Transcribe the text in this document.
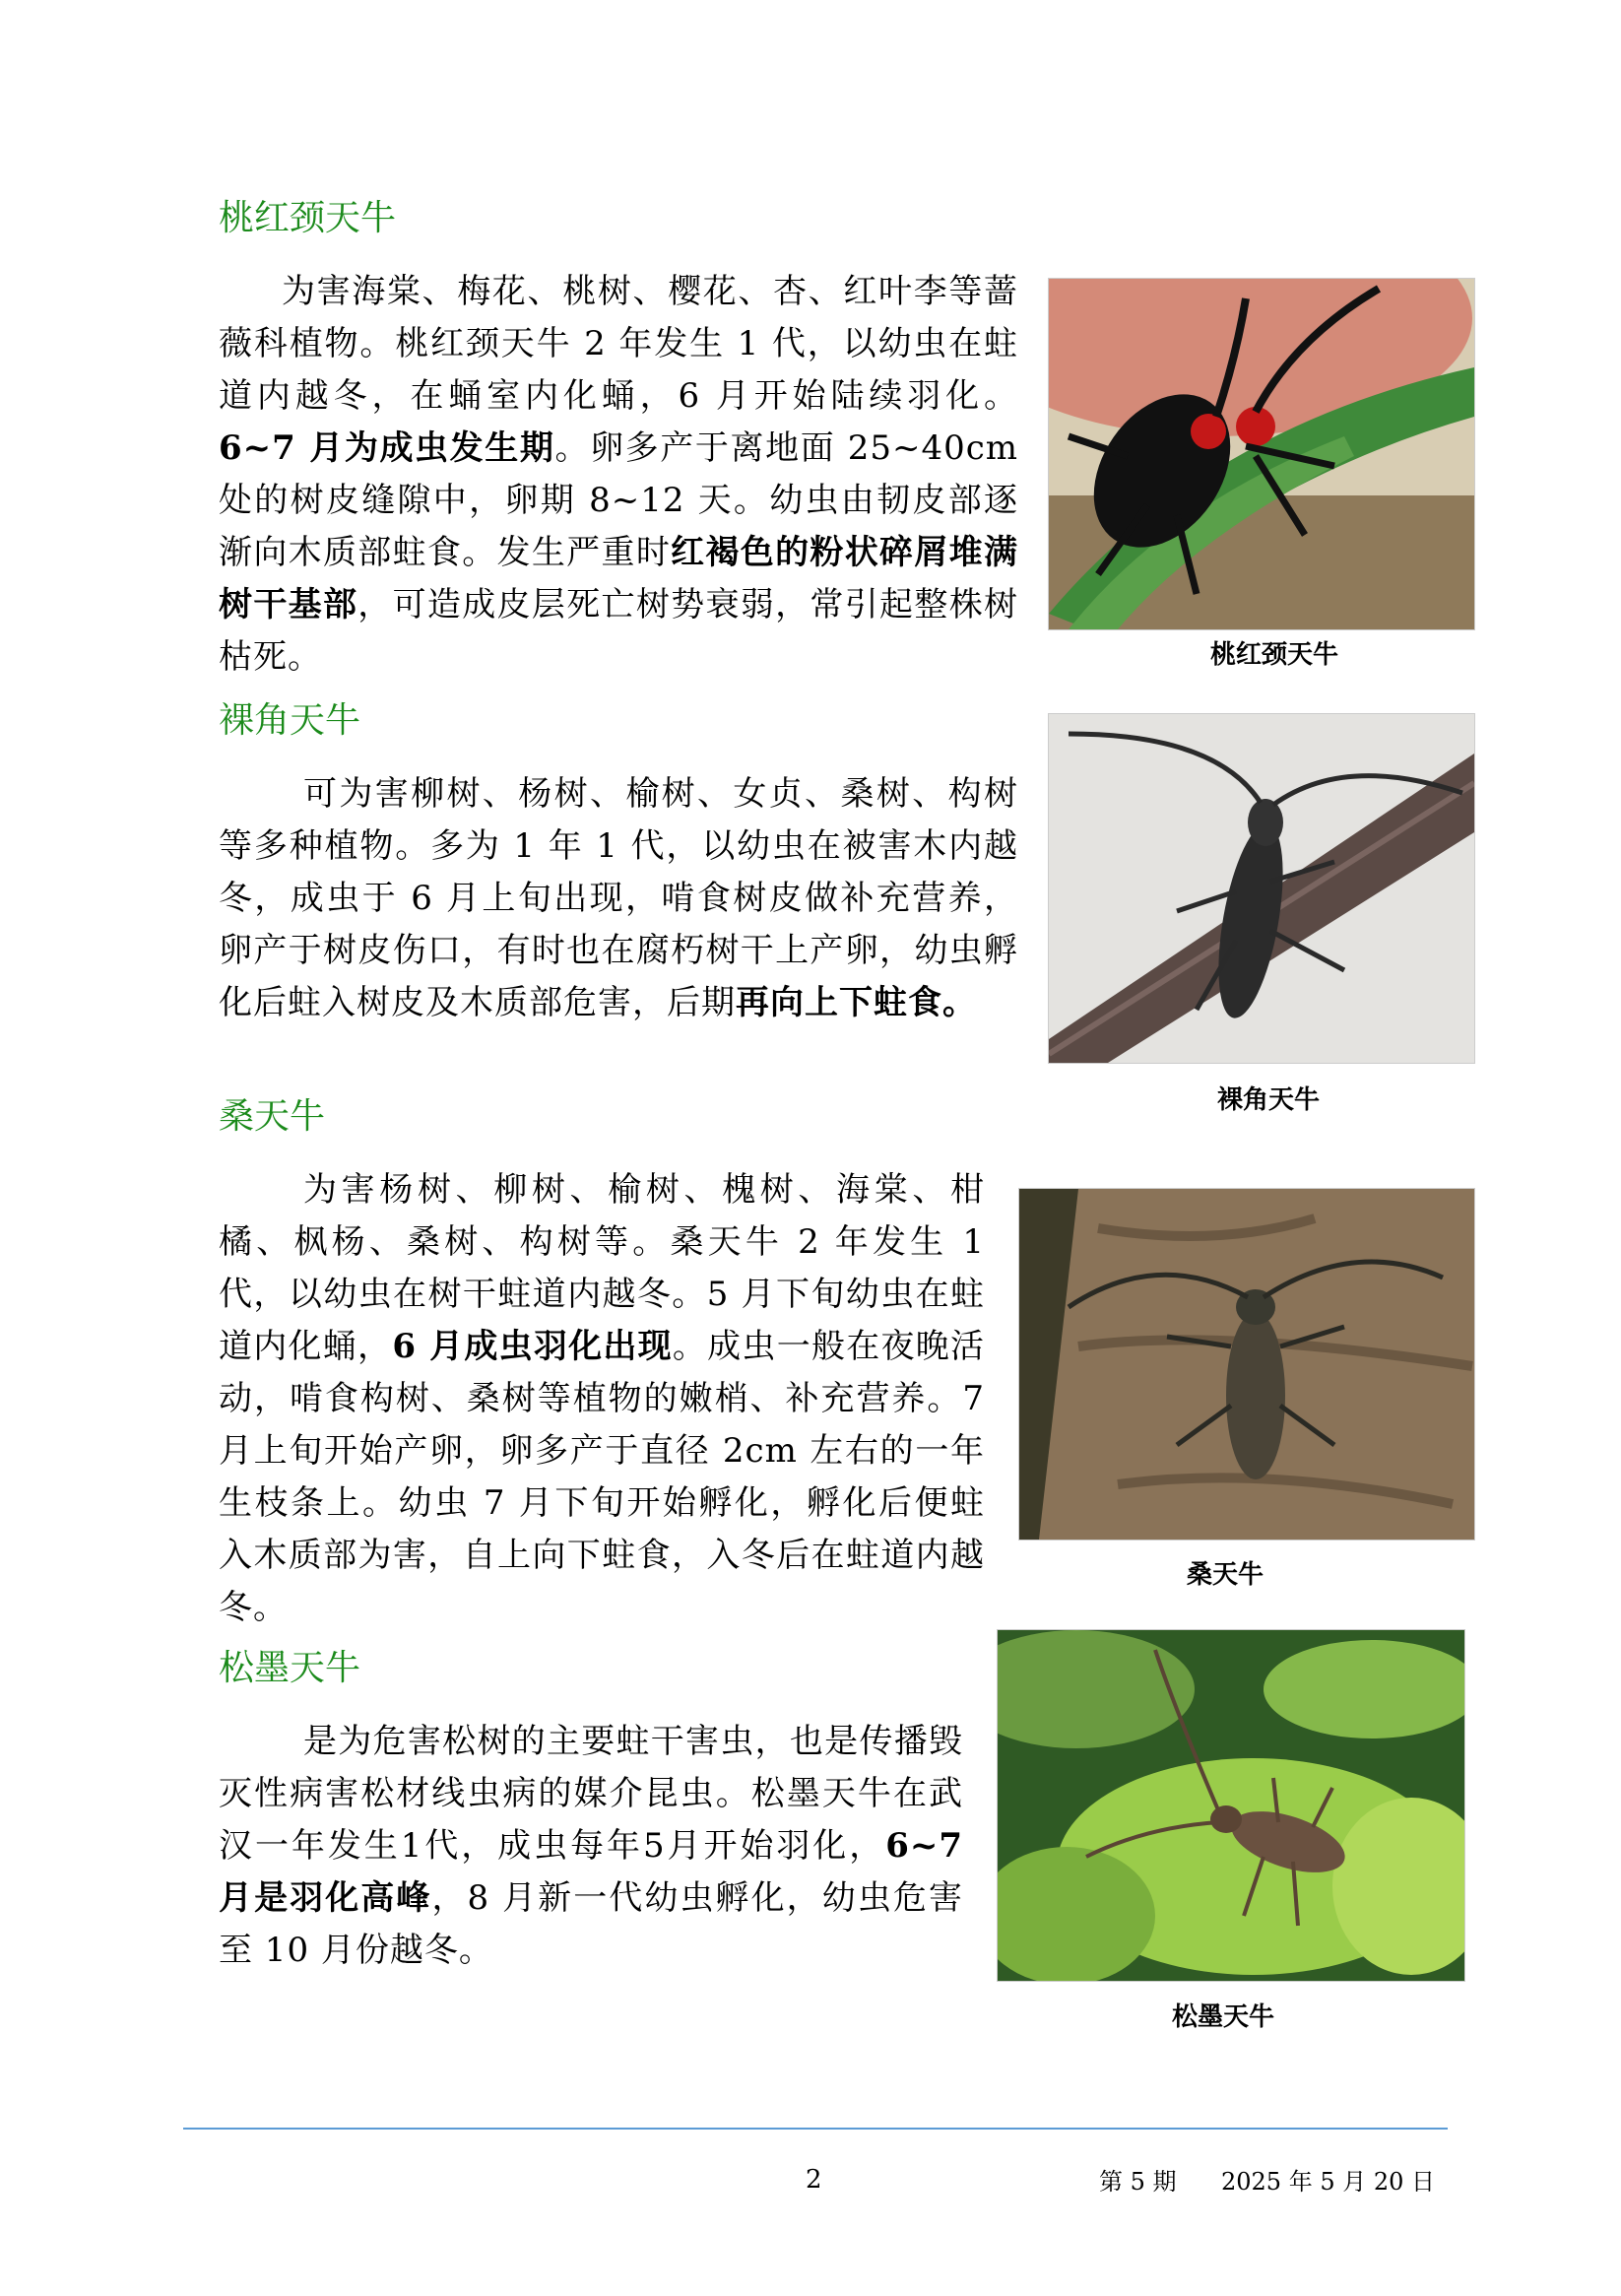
桃红颈天牛

为害海棠、梅花、桃树、樱花、杏、红叶李等蔷薇科植物。桃红颈天牛 2 年发生 1 代，以幼虫在蛀道内越冬，在蛹室内化蛹，6 月开始陆续羽化。6~7 月为成虫发生期。卵多产于离地面 25~40cm 处的树皮缝隙中，卵期 8~12 天。幼虫由韧皮部逐渐向木质部蛀食。发生严重时红褐色的粉状碎屑堆满树干基部，可造成皮层死亡树势衰弱，常引起整株树枯死。	桃红颈天牛
裸角天牛

可为害柳树、杨树、榆树、女贞、桑树、构树等多种植物。多为 1 年 1 代，以幼虫在被害木内越冬，成虫于 6 月上旬出现，啃食树皮做补充营养，卵产于树皮伤口，有时也在腐朽树干上产卵，幼虫孵化后蛀入树皮及木质部危害，后期再向上下蛀食。

裸角天牛
桑天牛

为害杨树、柳树、榆树、槐树、海棠、柑橘、枫杨、桑树、构树等。桑天牛 2 年发生 1 代，以幼虫在树干蛀道内越冬。5 月下旬幼虫在蛀道内化蛹，6 月成虫羽化出现。成虫一般在夜晚活动，啃食构树、桑树等植物的嫩梢、补充营养。7 月上旬开始产卵，卵多产于直径 2cm 左右的一年生枝条上。幼虫 7 月下旬开始孵化，孵化后便蛀入木质部为害，自上向下蛀食，入冬后在蛀道内越冬。

桑天牛
松墨天牛

是为危害松树的主要蛀干害虫，也是传播毁灭性病害松材线虫病的媒介昆虫。松墨天牛在武汉一年发生1代，成虫每年5月开始羽化，6~7 月是羽化高峰，8 月新一代幼虫孵化，幼虫危害至 10 月份越冬。

松墨天牛
2	第 5 期 2025 年 5 月 20 日
